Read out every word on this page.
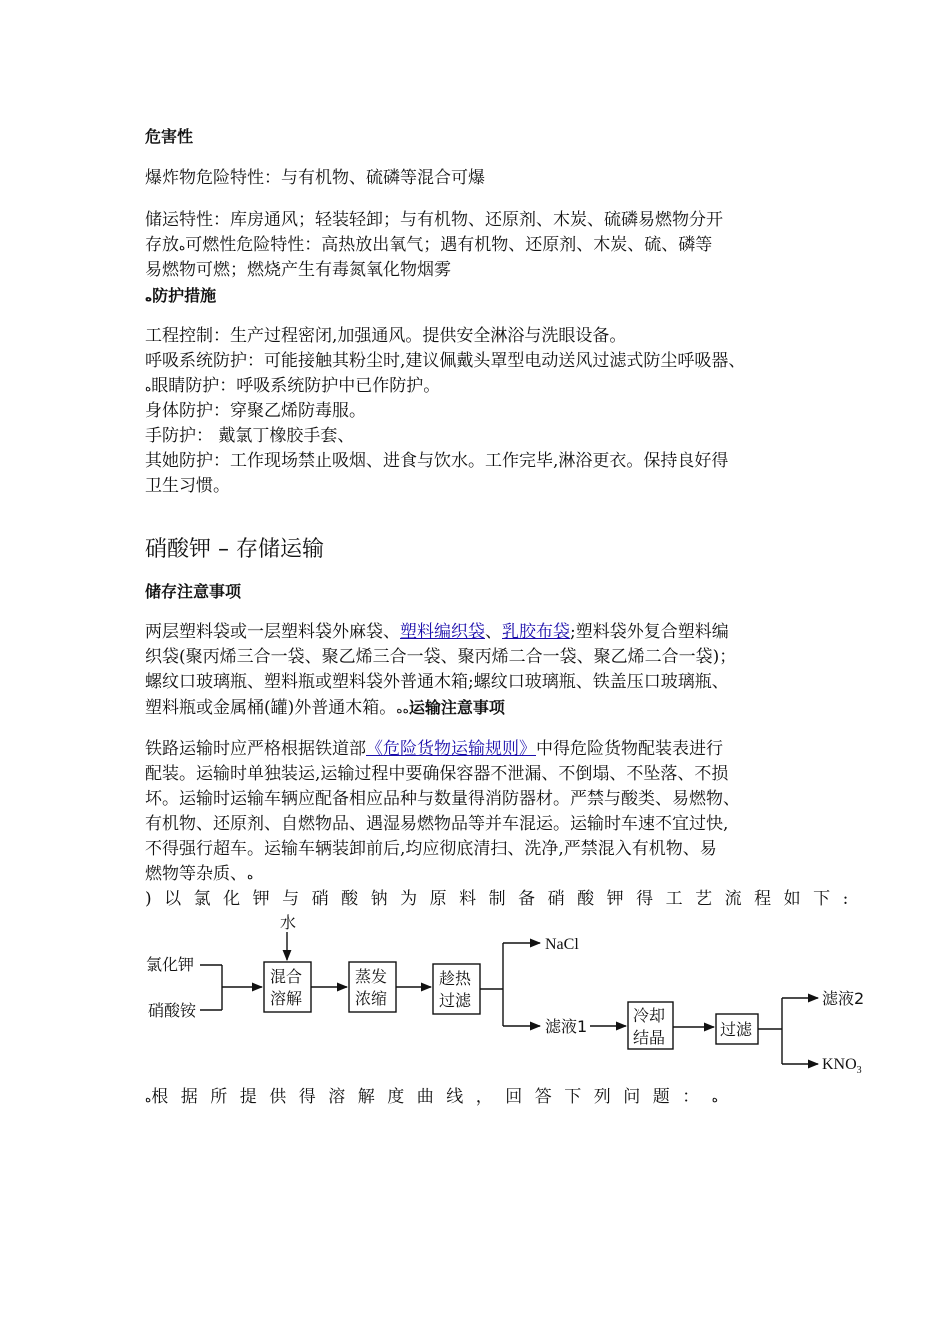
危害性

爆炸物危险特性：与有机物、硫磷等混合可爆

储运特性：库房通风；轻装轻卸；与有机物、还原剂、木炭、硫磷易燃物分开

存放ﻩ可燃性危险特性：高热放出氧气；遇有机物、还原剂、木炭、硫、磷等

易燃物可燃；燃烧产生有毒氮氧化物烟雾

ﻩ防护措施

工程控制：生产过程密闭,加强通风。提供安全淋浴与洗眼设备。

呼吸系统防护：可能接触其粉尘时,建议佩戴头罩型电动送风过滤式防尘呼吸器、

ﻩ眼睛防护：呼吸系统防护中已作防护。

身体防护：穿聚乙烯防毒服。

手防护： 戴氯丁橡胶手套、

其她防护：工作现场禁止吸烟、进食与饮水。工作完毕,淋浴更衣。保持良好得

卫生习惯。

硝酸钾 – 存储运输

储存注意事项

两层塑料袋或一层塑料袋外麻袋、塑料编织袋、乳胶布袋;塑料袋外复合塑料编

织袋(聚丙烯三合一袋、聚乙烯三合一袋、聚丙烯二合一袋、聚乙烯二合一袋)；

螺纹口玻璃瓶、塑料瓶或塑料袋外普通木箱;螺纹口玻璃瓶、铁盖压口玻璃瓶、

塑料瓶或金属桶(罐)外普通木箱。 ﻩﻩ 运输注意事项

铁路运输时应严格根据铁道部《危险货物运输规则》中得危险货物配装表进行

配装。运输时单独装运,运输过程中要确保容器不泄漏、不倒塌、不坠落、不损

坏。运输时运输车辆应配备相应品种与数量得消防器材。严禁与酸类、易燃物、

有机物、还原剂、自燃物品、遇湿易燃物品等并车混运。运输时车速不宜过快,

不得强行超车。运输车辆装卸前后,均应彻底清扫、洗净,严禁混入有机物、易

燃物等杂质、ﻩ

)以氯化钾与硝酸钠为原料制备硝酸钾得工艺流程如下:

水
氯化钾
硝酸铵
混合
溶解
蒸发
浓缩
趁热
过滤
冷却
结晶	过滤
NaCl
滤液1
滤液2
$KNO_3$

ﻩ根据所提供得溶解度曲线，回答下列问题：ﻩ
